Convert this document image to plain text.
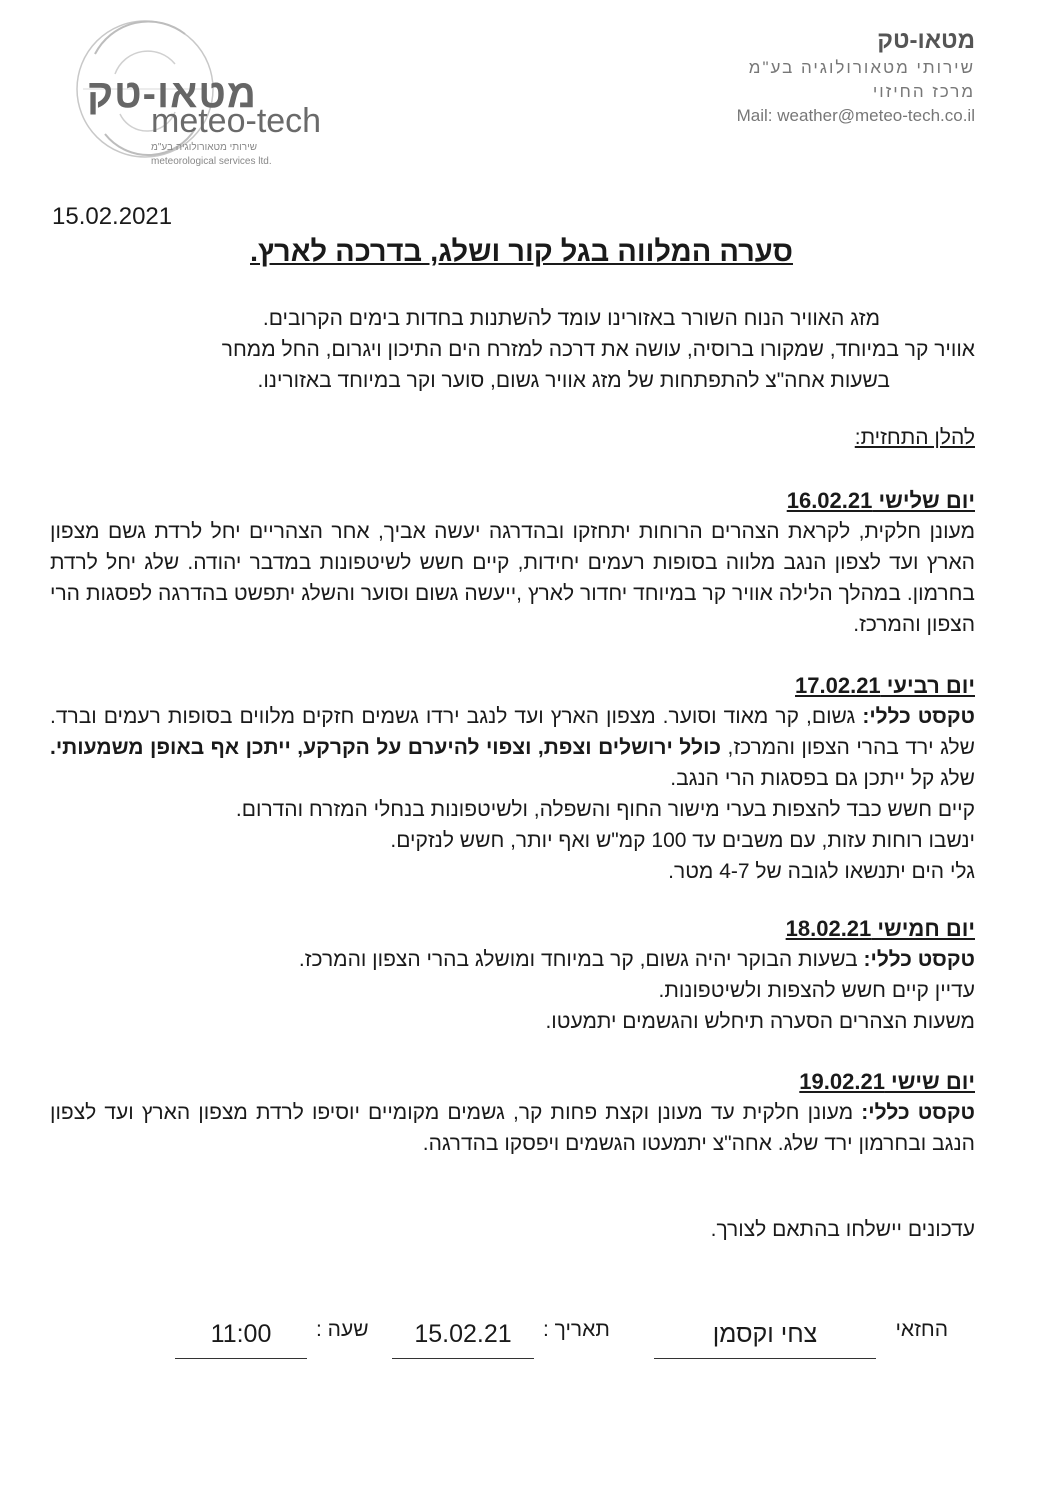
מטאו-טק
meteo-tech
שירותי מטאורולוגיה בע"מ
meteorological services ltd.
מטאו-טק
שירותי מטאורולוגיה בע"מ
מרכז החיזוי
Mail: weather@meteo-tech.co.il
15.02.2021
סערה המלווה בגל קור ושלג, בדרכה לארץ.

מזג האוויר הנוח השורר באזורינו עומד להשתנות בחדות בימים הקרובים.

אוויר קר במיוחד, שמקורו ברוסיה, עושה את דרכה למזרח הים התיכון ויגרום, החל ממחר

בשעות אחה"צ להתפתחות של מזג אוויר גשום, סוער וקר במיוחד באזורינו.

להלן התחזית:
יום שלישי 16.02.21

מעונן חלקית, לקראת הצהרים הרוחות יתחזקו ובהדרגה יעשה אביך, אחר הצהריים יחל לרדת גשם מצפון הארץ ועד לצפון הנגב מלווה בסופות רעמים יחידות, קיים חשש לשיטפונות במדבר יהודה. שלג יחל לרדת בחרמון. במהלך הלילה אוויר קר במיוחד יחדור לארץ ,ייעשה גשום וסוער והשלג יתפשט בהדרגה לפסגות הרי הצפון והמרכז.

יום רביעי 17.02.21

טקסט כללי: גשום, קר מאוד וסוער. מצפון הארץ ועד לנגב ירדו גשמים חזקים מלווים בסופות רעמים וברד. שלג ירד בהרי הצפון והמרכז, כולל ירושלים וצפת, וצפוי להיערם על הקרקע, ייתכן אף באופן משמעותי. שלג קל ייתכן גם בפסגות הרי הנגב.

קיים חשש כבד להצפות בערי מישור החוף והשפלה, ולשיטפונות בנחלי המזרח והדרום.

ינשבו רוחות עזות, עם משבים עד 100 קמ"ש ואף יותר, חשש לנזקים.

גלי הים יתנשאו לגובה של 4-7 מטר.

יום חמישי 18.02.21

טקסט כללי: בשעות הבוקר יהיה גשום, קר במיוחד ומושלג בהרי הצפון והמרכז.

עדיין קיים חשש להצפות ולשיטפונות.

משעות הצהרים הסערה תיחלש והגשמים יתמעטו.

יום שישי 19.02.21

טקסט כללי: מעונן חלקית עד מעונן וקצת פחות קר, גשמים מקומיים יוסיפו לרדת מצפון הארץ ועד לצפון הנגב ובחרמון ירד שלג. אחה"צ יתמעטו הגשמים ויפסקו בהדרגה.

עדכונים יישלחו בהתאם לצורך.
החזאי
צחי וקסמן
תאריך :
15.02.21
שעה :
11:00
